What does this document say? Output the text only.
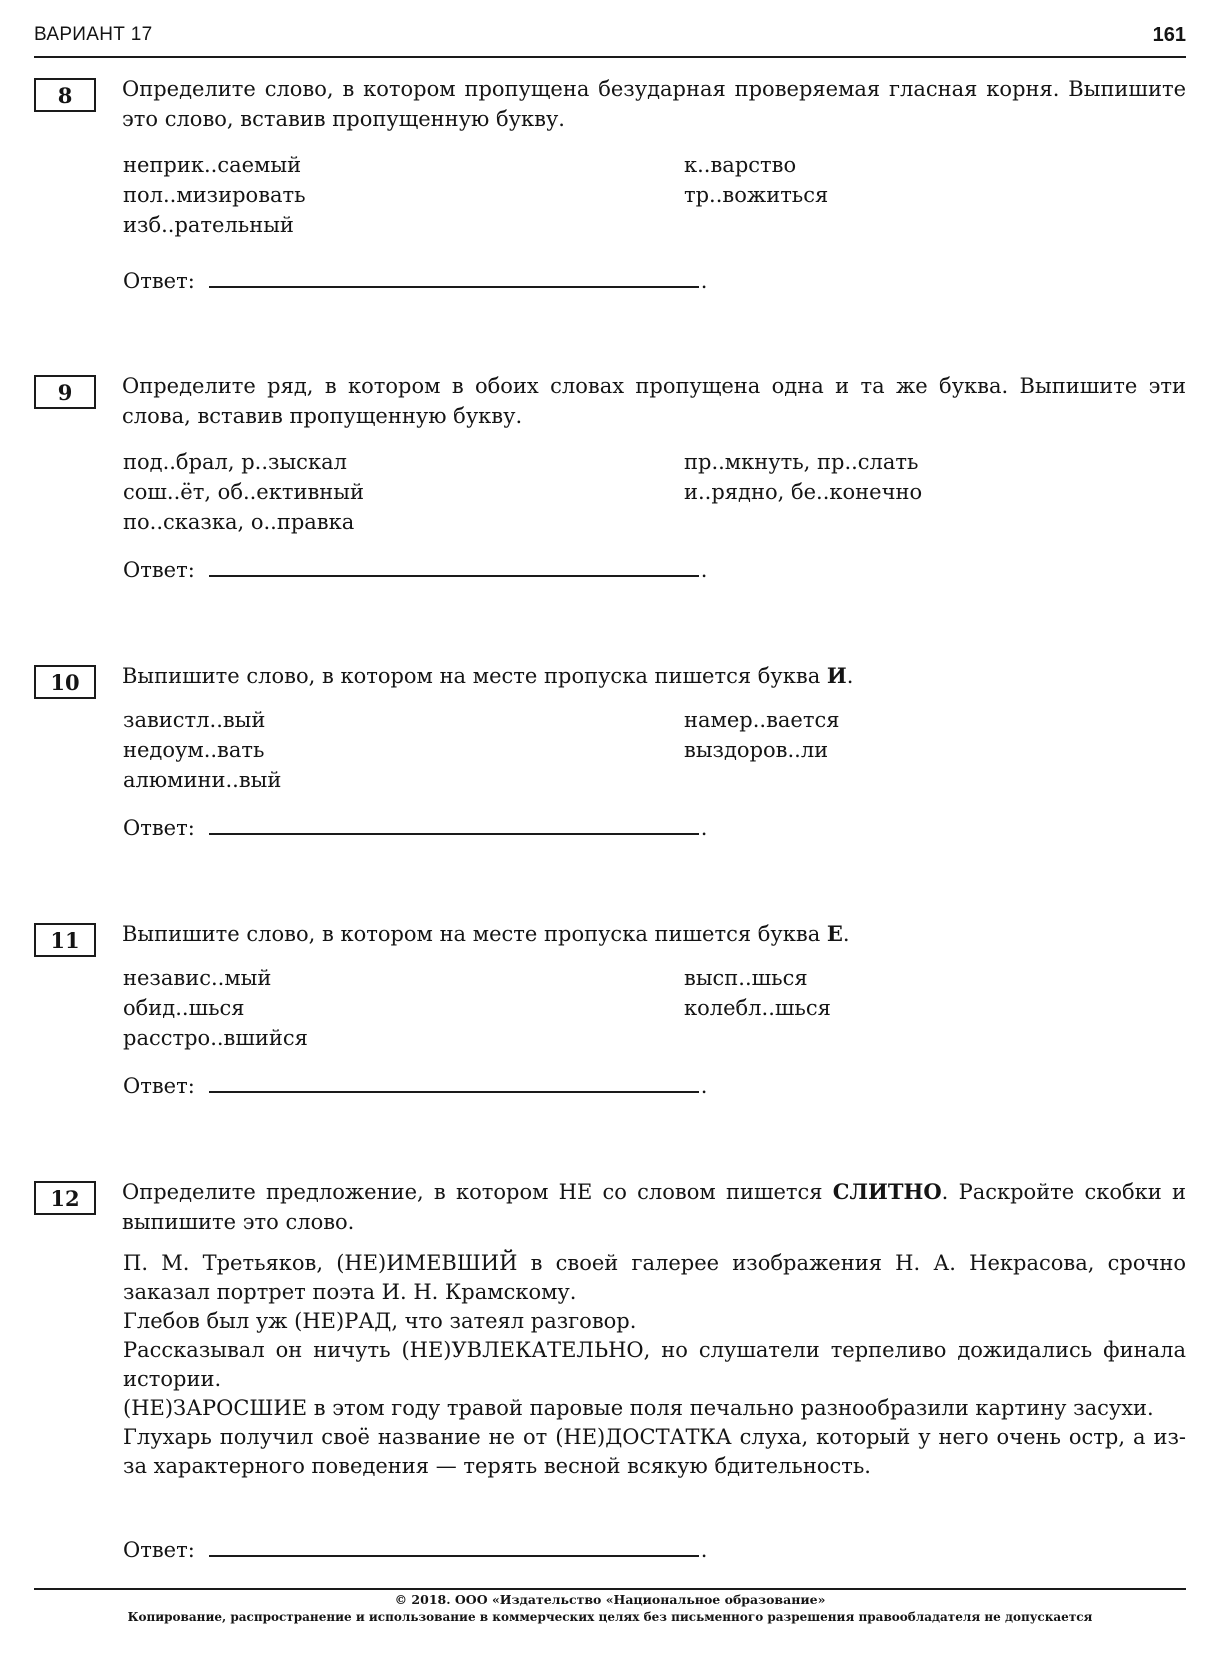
ВАРИАНТ 17	161
8	Определите слово, в котором пропущена безударная проверяемая гласная корня. Выпишите это слово, вставив пропущенную букву.
неприк..саемый
пол..мизировать
изб..рательный
к..варство
тр..вожиться
Ответ:	.
9	Определите ряд, в котором в обоих словах пропущена одна и та же буква. Выпишите эти слова, вставив пропущенную букву.
под..брал, р..зыскал
сош..ёт, об..ективный
по..сказка, о..правка
пр..мкнуть, пр..слать
и..рядно, бе..конечно
Ответ:	.
10	Выпишите слово, в котором на месте пропуска пишется буква И.
завистл..вый
недоум..вать
алюмини..вый
намер..вается
выздоров..ли
Ответ:	.
11	Выпишите слово, в котором на месте пропуска пишется буква Е.
независ..мый
обид..шься
расстро..вшийся
высп..шься
колебл..шься
Ответ:	.
12	Определите предложение, в котором НЕ со словом пишется СЛИТНО. Раскройте скобки и выпишите это слово.

П. М. Третьяков, (НЕ)ИМЕВШИЙ в своей галерее изображения Н. А. Некрасова, срочно заказал портрет поэта И. Н. Крамскому.

Глебов был уж (НЕ)РАД, что затеял разговор.

Рассказывал он ничуть (НЕ)УВЛЕКАТЕЛЬНО, но слушатели терпеливо дожидались финала истории.

(НЕ)ЗАРОСШИЕ в этом году травой паровые поля печально разнообразили картину засухи.

Глухарь получил своё название не от (НЕ)ДОСТАТКА слуха, который у него очень остр, а из-за характерного поведения — терять весной всякую бдительность.

Ответ:	.
© 2018. ООО «Издательство «Национальное образование»
Копирование, распространение и использование в коммерческих целях без письменного разрешения правообладателя не допускается
